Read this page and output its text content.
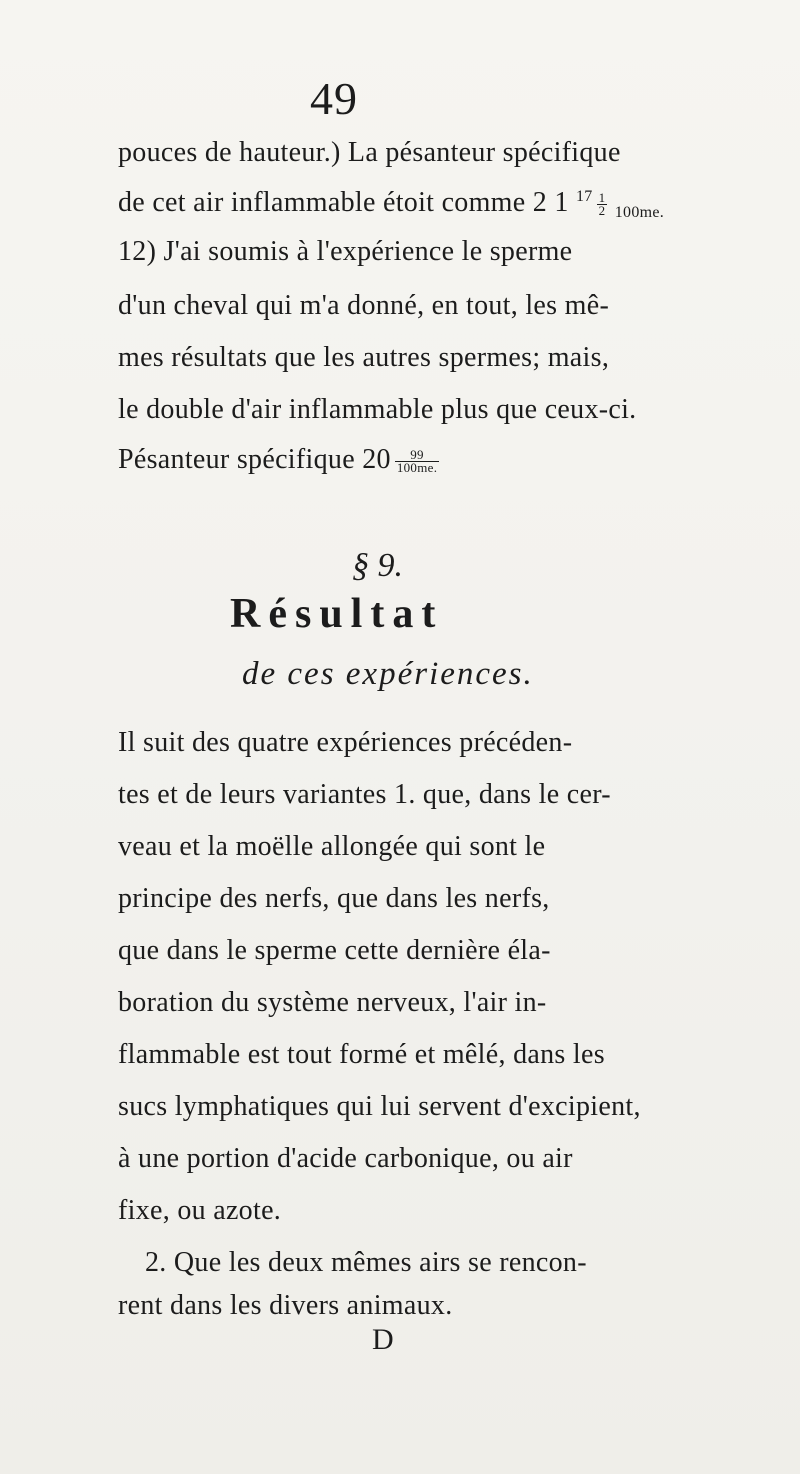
49
pouces de hauteur.) La pésanteur spécifique
de cet air inflammable étoit comme 2 1 $^{17} \frac{1}{2} _{100me.}$
12) J'ai soumis à l'expérience le sperme
d'un cheval qui m'a donné, en tout, les mê-
mes résultats que les autres spermes; mais,
le double d'air inflammable plus que ceux-ci.
Pésanteur spécifique $20 \frac{99}{100me.}$
§ 9.
Résultat
de ces expériences.
Il suit des quatre expériences précéden-
tes et de leurs variantes 1. que, dans le cer-
veau et la moëlle allongée qui sont le
principe des nerfs, que dans les nerfs,
que dans le sperme cette dernière éla-
boration du système nerveux, l'air in-
flammable est tout formé et mêlé, dans les
sucs lymphatiques qui lui servent d'excipient,
à une portion d'acide carbonique, ou air
fixe, ou azote.
2. Que les deux mêmes airs se rencon-
rent dans les divers animaux.
D
